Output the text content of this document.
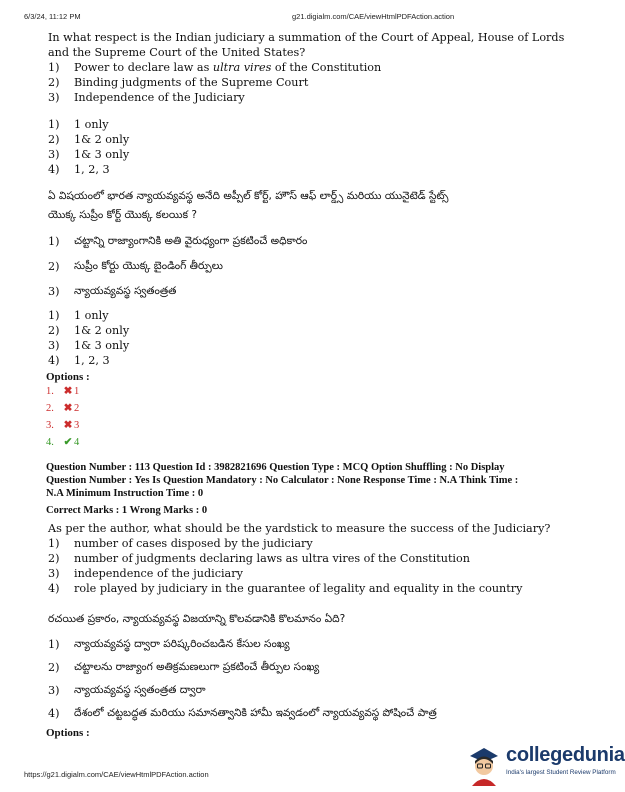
6/3/24, 11:12 PM	g21.digialm.com/CAE/viewHtmlPDFAction.action
In what respect is the Indian judiciary a summation of the Court of Appeal, House of Lords
and the Supreme Court of the United States?
1)	Power to declare law as ultra vires of the Constitution
2)	Binding judgments of the Supreme Court
3)	Independence of the Judiciary
1)	1 only
2)	1& 2 only
3)	1& 3 only
4)	1, 2, 3
ఏ విషయంలో భారత న్యాయవ్యవస్థ అనేది అప్పీల్ కోర్ట్, హౌస్ ఆఫ్ లార్డ్స్ మరియు యునైటెడ్ స్టేట్స్
యొక్క సుప్రీం కోర్ట్ యొక్క కలయిక ?
1)	చట్టాన్ని రాజ్యాంగానికి అతి వైరుధ్యంగా ప్రకటించే అధికారం
2)	సుప్రీం కోర్టు యొక్క బైండింగ్ తీర్పులు
3)	న్యాయవ్యవస్థ స్వతంత్రత
1)	1 only
2)	1& 2 only
3)	1& 3 only
4)	1, 2, 3
Options :
1. ✖ 1
2. ✖ 2
3. ✖ 3
4. ✔ 4
Question Number : 113 Question Id : 3982821696 Question Type : MCQ Option Shuffling : No Display
Question Number : Yes Is Question Mandatory : No Calculator : None Response Time : N.A Think Time :
N.A Minimum Instruction Time : 0
Correct Marks : 1 Wrong Marks : 0
As per the author, what should be the yardstick to measure the success of the Judiciary?
1)	number of cases disposed by the judiciary
2)	number of judgments declaring laws as ultra vires of the Constitution
3)	independence of the judiciary
4)	role played by judiciary in the guarantee of legality and equality in the country
రచయిత ప్రకారం, న్యాయవ్యవస్థ విజయాన్ని కొలవడానికి కొలమానం ఏది?
1)	న్యాయవ్యవస్థ ద్వారా పరిష్కరించబడిన కేసుల సంఖ్య
2)	చట్టాలను రాజ్యాంగ అతిక్రమణలుగా ప్రకటించే తీర్పుల సంఖ్య
3)	న్యాయవ్యవస్థ స్వతంత్రత ద్వారా
4)	దేశంలో చట్టబద్ధత మరియు సమానత్వానికి హామీ ఇవ్వడంలో న్యాయవ్యవస్థ పోషించే పాత్ర
Options :
https://g21.digialm.com/CAE/viewHtmlPDFAction.action
collegedunia
India's largest Student Review Platform
